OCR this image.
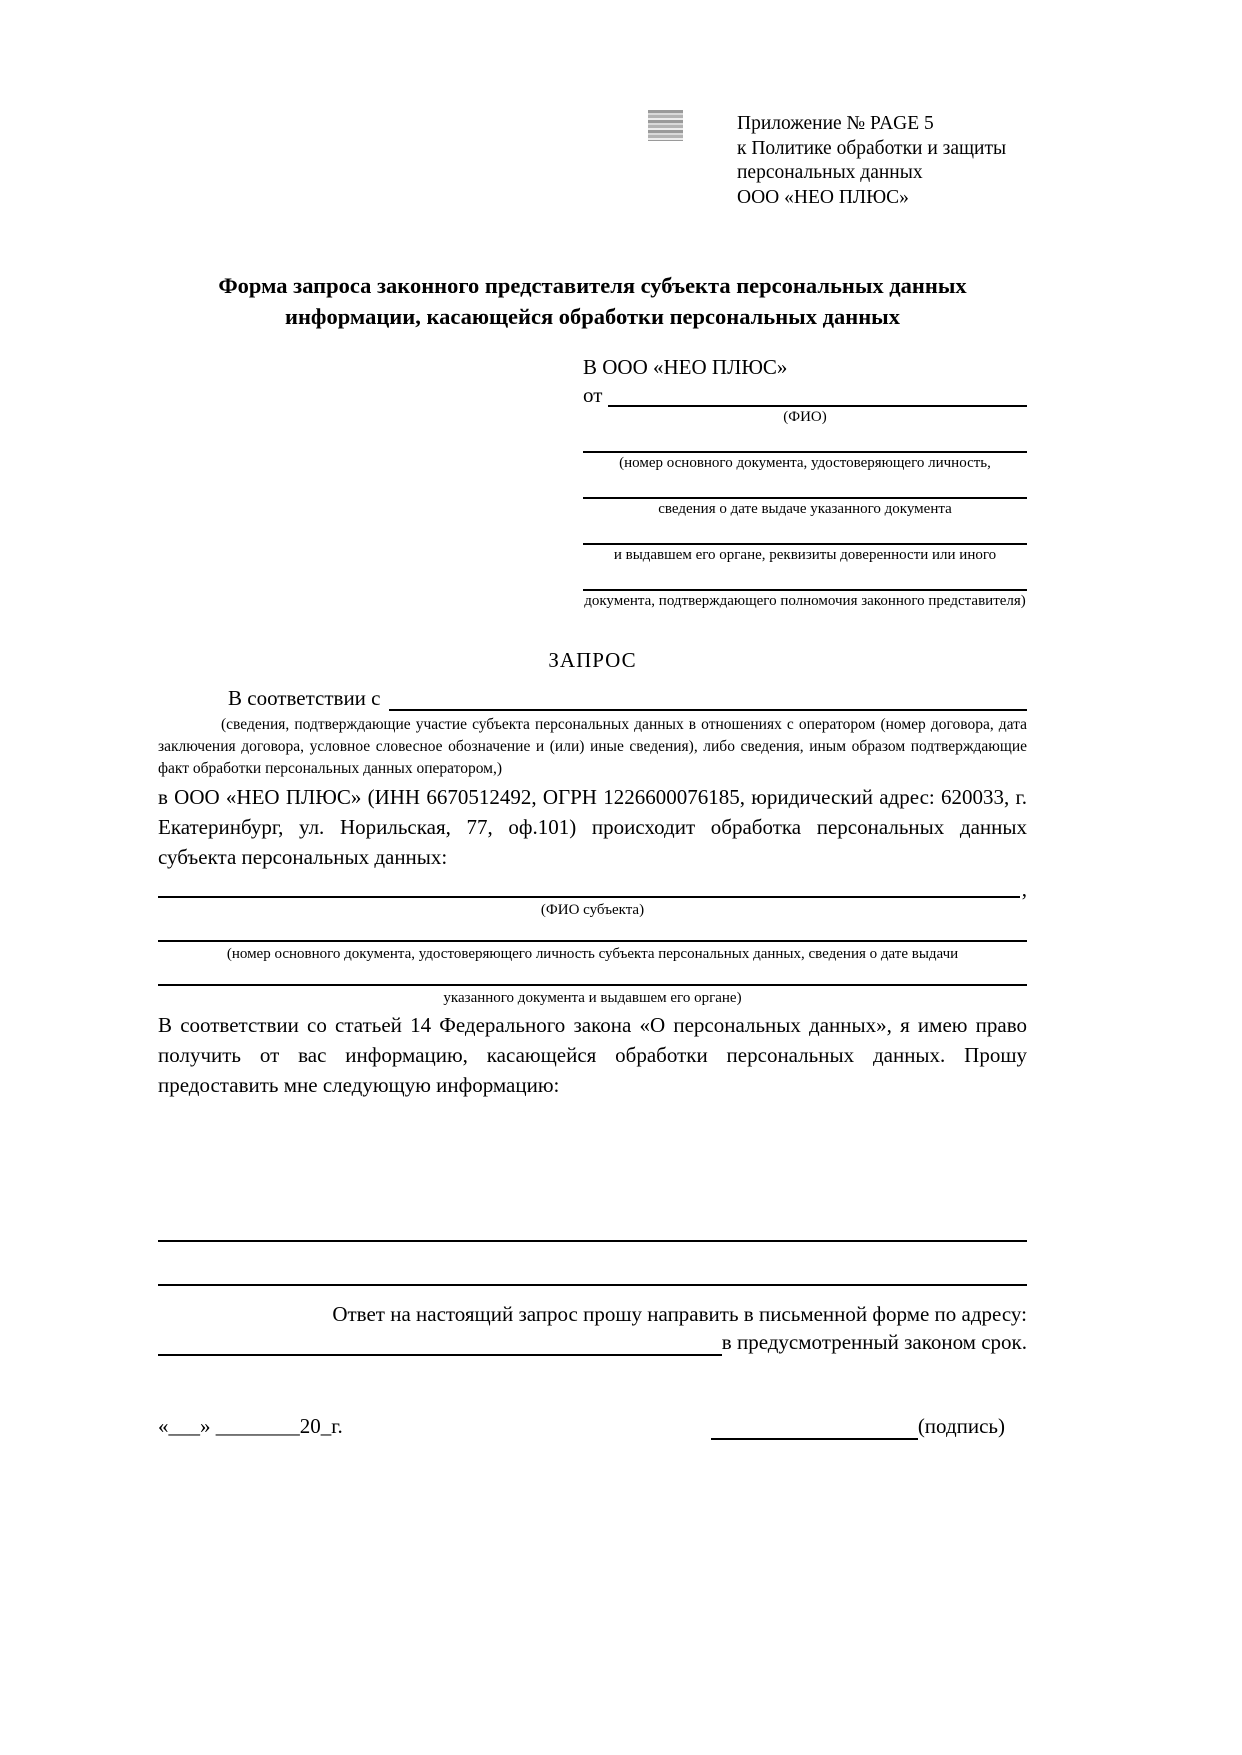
Приложение № PAGE 5
к Политике обработки и защиты
персональных данных
ООО «НЕО ПЛЮС»
Форма запроса законного представителя субъекта персональных данных
информации, касающейся обработки персональных данных
В ООО «НЕО ПЛЮС»
от
(ФИО)
(номер основного документа, удостоверяющего личность,
сведения о дате выдаче указанного документа
и выдавшем его органе, реквизиты доверенности или иного
документа, подтверждающего полномочия законного представителя)
ЗАПРОС
В соответствии с
(сведения, подтверждающие участие субъекта персональных данных в отношениях с оператором (номер договора, дата заключения договора, условное словесное обозначение и (или) иные сведения), либо сведения, иным образом подтверждающие факт обработки персональных данных оператором,)

в ООО «НЕО ПЛЮС» (ИНН 6670512492, ОГРН 1226600076185, юридический адрес: 620033, г. Екатеринбург, ул. Норильская, 77, оф.101) происходит обработка персональных данных субъекта персональных данных:

,
(ФИО субъекта)
(номер основного документа, удостоверяющего личность субъекта персональных данных, сведения о дате выдачи
указанного документа и выдавшем его органе)

В соответствии со статьей 14 Федерального закона «О персональных данных», я имею право получить от вас информацию, касающейся обработки персональных данных. Прошу предоставить мне следующую информацию:

Ответ на настоящий запрос прошу направить в письменной форме по адресу:
в предусмотренный законом срок.
«___» ________20_г.	(подпись)
